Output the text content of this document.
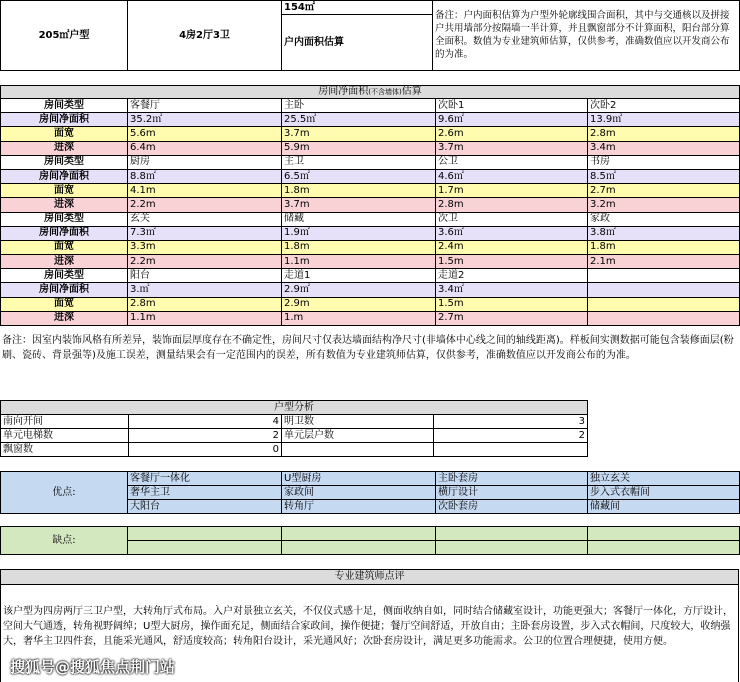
205㎡户型	4房2厅3卫	154㎡	备注：户内面积估算为户型外轮廓线围合面积，其中与交通核以及拼接户共用墙部分按隔墙一半计算，并且飘窗部分不计算面积，阳台部分算全面积。数值为专业建筑师估算，仅供参考，准确数值应以开发商公布的为准。
户内面积估算
房间净面积(不含墙体)估算				
房间类型	客餐厅	主卧	次卧1	次卧2
房间净面积	35.2㎡	25.5㎡	9.6㎡	13.9㎡
面宽	5.6m	3.7m	2.6m	2.8m
进深	6.4m	5.9m	3.7m	3.4m
房间类型	厨房	主卫	公卫	书房
房间净面积	8.8㎡	6.5㎡	4.6㎡	8.5㎡
面宽	4.1m	1.8m	1.7m	2.7m
进深	2.2m	3.7m	2.8m	3.2m
房间类型	玄关	储藏	次卫	家政
房间净面积	7.3㎡	1.9㎡	3.6㎡	3.8㎡
面宽	3.3m	1.8m	2.4m	1.8m
进深	2.2m	1.1m	1.5m	2.1m
房间类型	阳台	走道1	走道2	
房间净面积	3.㎡	2.9㎡	3.4㎡	
面宽	2.8m	2.9m	1.5m	
进深	1.1m	1.m	2.7m	
备注：因室内装饰风格有所差异，装饰面层厚度存在不确定性，房间尺寸仅表达墙面结构净尺寸(非墙体中心线之间的轴线距离)。样板间实测数据可能包含装修面层(粉刷、瓷砖、背景强等)及施工误差，测量结果会有一定范围内的误差，所有数值为专业建筑师估算，仅供参考，准确数值应以开发商公布的为准。
户型分析
南向开间	4	明卫数	3
单元电梯数	2	单元层户数	2
飘窗数	0		
优点:	客餐厅一体化	U型厨房	主卧套房	独立玄关
	奢华主卫	家政间	横厅设计	步入式衣帽间
	大阳台	转角厅	次卧套房	储藏间
缺点:				

专业建筑师点评
该户型为四房两厅三卫户型，大转角厅式布局。入户对景独立玄关，不仅仪式感十足，侧面收纳自如，同时结合储藏室设计，功能更强大；客餐厅一体化，方厅设计，空间大气通透，转角视野阔绰；U型大厨房，操作面充足，侧面结合家政间，操作便捷；餐厅空间舒适，开放自由；主卧套房设置，步入式衣帽间，尺度较大，收纳强大，奢华主卫四件套，且能采光通风，舒适度较高；转角阳台设计，采光通风好；次卧套房设计，满足更多功能需求。公卫的位置合理便捷，使用方便。
搜狐号@搜狐焦点荆门站
